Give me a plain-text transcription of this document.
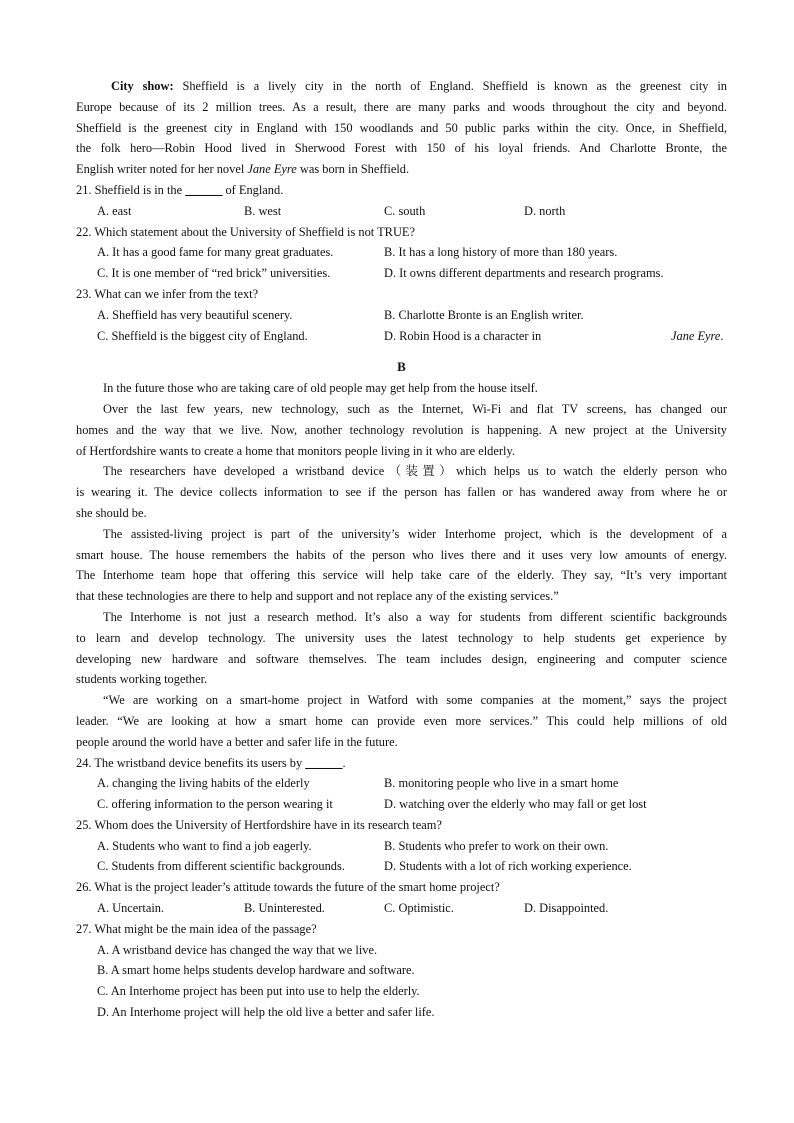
City show: Sheffield is a lively city in the north of England. Sheffield is known as the greenest city in
Europe because of its 2 million trees. As a result, there are many parks and woods throughout the city and beyond.
Sheffield is the greenest city in England with 150 woodlands and 50 public parks within the city. Once, in Sheffield,
the folk hero—Robin Hood lived in Sherwood Forest with 150 of his loyal friends. And Charlotte Bronte, the
English writer noted for her novel Jane Eyre was born in Sheffield.
21. Sheffield is in the ______ of England.
A. east	B. west	C. south	D. north
22. Which statement about the University of Sheffield is not TRUE?
A. It has a good fame for many great graduates.	B. It has a long history of more than 180 years.
C. It is one member of “red brick” universities.	D. It owns different departments and research programs.
23. What can we infer from the text?
A. Sheffield has very beautiful scenery.	B. Charlotte Bronte is an English writer.
C. Sheffield is the biggest city of England.	D. Robin Hood is a character in	Jane Eyre.
B
In the future those who are taking care of old people may get help from the house itself.
Over the last few years, new technology, such as the Internet, Wi-Fi and flat TV screens, has changed our
homes and the way that we live. Now, another technology revolution is happening. A new project at the University
of Hertfordshire wants to create a home that monitors people living in it who are elderly.
The researchers have developed a wristband device（装置）which helps us to watch the elderly person who
is wearing it. The device collects information to see if the person has fallen or has wandered away from where he or
she should be.
The assisted-living project is part of the university’s wider Interhome project, which is the development of a
smart house. The house remembers the habits of the person who lives there and it uses very low amounts of energy.
The Interhome team hope that offering this service will help take care of the elderly. They say, “It’s very important
that these technologies are there to help and support and not replace any of the existing services.”
The Interhome is not just a research method. It’s also a way for students from different scientific backgrounds
to learn and develop technology. The university uses the latest technology to help students get experience by
developing new hardware and software themselves. The team includes design, engineering and computer science
students working together.
“We are working on a smart-home project in Watford with some companies at the moment,” says the project
leader. “We are looking at how a smart home can provide even more services.” This could help millions of old
people around the world have a better and safer life in the future.
24. The wristband device benefits its users by ______.
A. changing the living habits of the elderly	B. monitoring people who live in a smart home
C. offering information to the person wearing it	D. watching over the elderly who may fall or get lost
25. Whom does the University of Hertfordshire have in its research team?
A. Students who want to find a job eagerly.	B. Students who prefer to work on their own.
C. Students from different scientific backgrounds.	D. Students with a lot of rich working experience.
26. What is the project leader’s attitude towards the future of the smart home project?
A. Uncertain.	B. Uninterested.	C. Optimistic.	D. Disappointed.
27. What might be the main idea of the passage?
A. A wristband device has changed the way that we live.
B. A smart home helps students develop hardware and software.
C. An Interhome project has been put into use to help the elderly.
D. An Interhome project will help the old live a better and safer life.
